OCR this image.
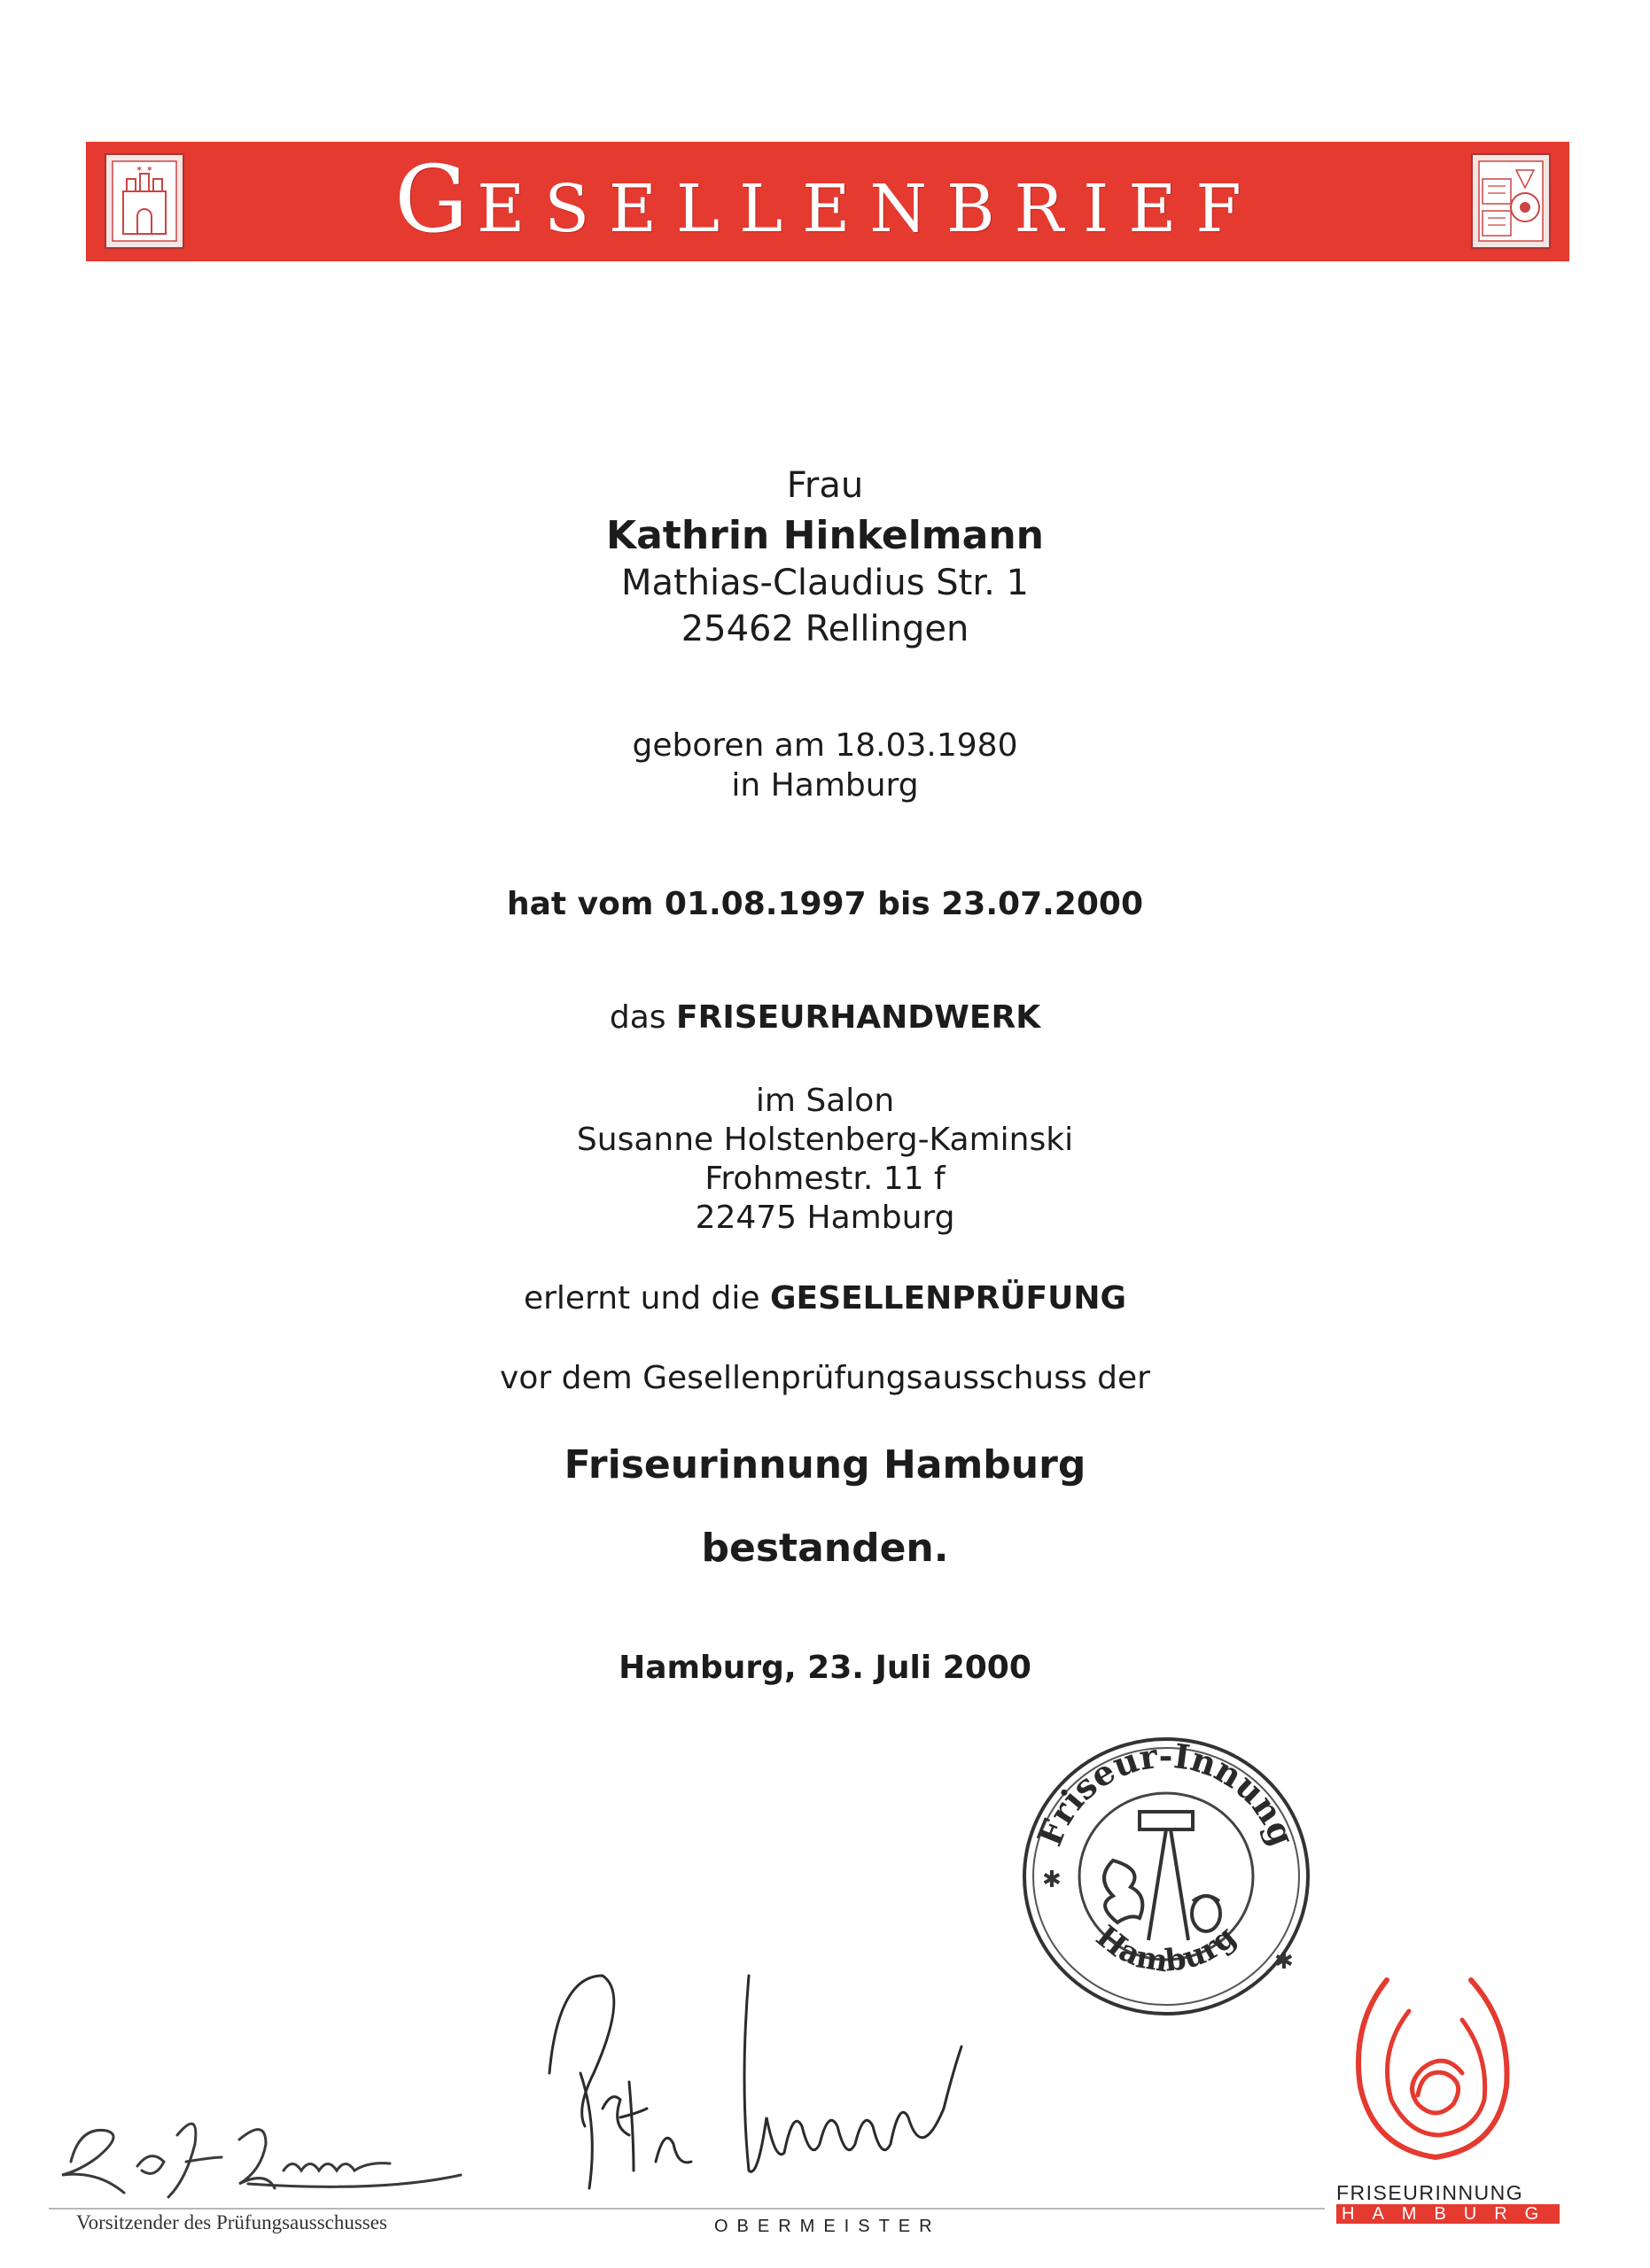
✶ ✶	GESELLENBRIEF
Frau
Kathrin Hinkelmann
Mathias-Claudius Str. 1
25462 Rellingen
geboren am 18.03.1980
in Hamburg
hat vom 01.08.1997 bis 23.07.2000
das FRISEURHANDWERK
im Salon
Susanne Holstenberg-Kaminski
Frohmestr. 11 f
22475 Hamburg
erlernt und die GESELLENPRÜFUNG
vor dem Gesellenprüfungsausschuss der
Friseurinnung Hamburg
bestanden.
Hamburg, 23. Juli 2000
Friseur-Innung
Hamburg
✱
✱
Rolf Bremer
Peter Lemm
Vorsitzender des Prüfungsausschusses	OBERMEISTER
FRISEURINNUNG
HAMBURG
